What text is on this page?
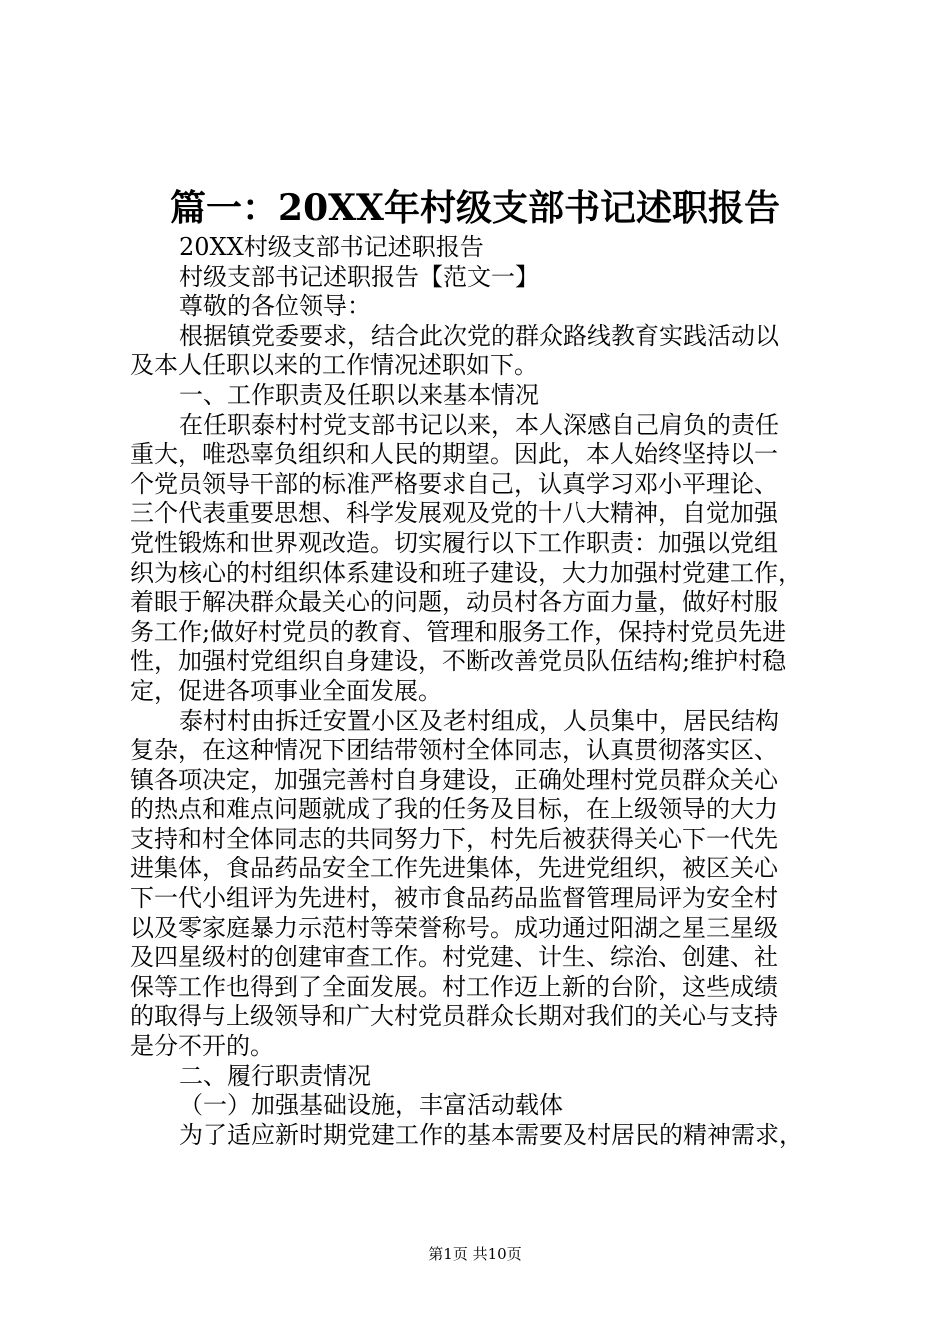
篇一：20XX年村级支部书记述职报告
20XX村级支部书记述职报告
村级支部书记述职报告【范文一】
尊敬的各位领导：
根据镇党委要求，结合此次党的群众路线教育实践活动以
及本人任职以来的工作情况述职如下。
一、工作职责及任职以来基本情况
在任职泰村村党支部书记以来，本人深感自己肩负的责任
重大，唯恐辜负组织和人民的期望。因此，本人始终坚持以一
个党员领导干部的标准严格要求自己，认真学习邓小平理论、
三个代表重要思想、科学发展观及党的十八大精神，自觉加强
党性锻炼和世界观改造。切实履行以下工作职责：加强以党组
织为核心的村组织体系建设和班子建设，大力加强村党建工作，
着眼于解决群众最关心的问题，动员村各方面力量，做好村服
务工作;做好村党员的教育、管理和服务工作，保持村党员先进
性，加强村党组织自身建设，不断改善党员队伍结构;维护村稳
定，促进各项事业全面发展。
泰村村由拆迁安置小区及老村组成，人员集中，居民结构
复杂，在这种情况下团结带领村全体同志，认真贯彻落实区、
镇各项决定，加强完善村自身建设，正确处理村党员群众关心
的热点和难点问题就成了我的任务及目标，在上级领导的大力
支持和村全体同志的共同努力下，村先后被获得关心下一代先
进集体，食品药品安全工作先进集体，先进党组织，被区关心
下一代小组评为先进村，被市食品药品监督管理局评为安全村
以及零家庭暴力示范村等荣誉称号。成功通过阳湖之星三星级
及四星级村的创建审查工作。村党建、计生、综治、创建、社
保等工作也得到了全面发展。村工作迈上新的台阶，这些成绩
的取得与上级领导和广大村党员群众长期对我们的关心与支持
是分不开的。
二、履行职责情况
（一）加强基础设施，丰富活动载体
为了适应新时期党建工作的基本需要及村居民的精神需求，
第1页 共10页
